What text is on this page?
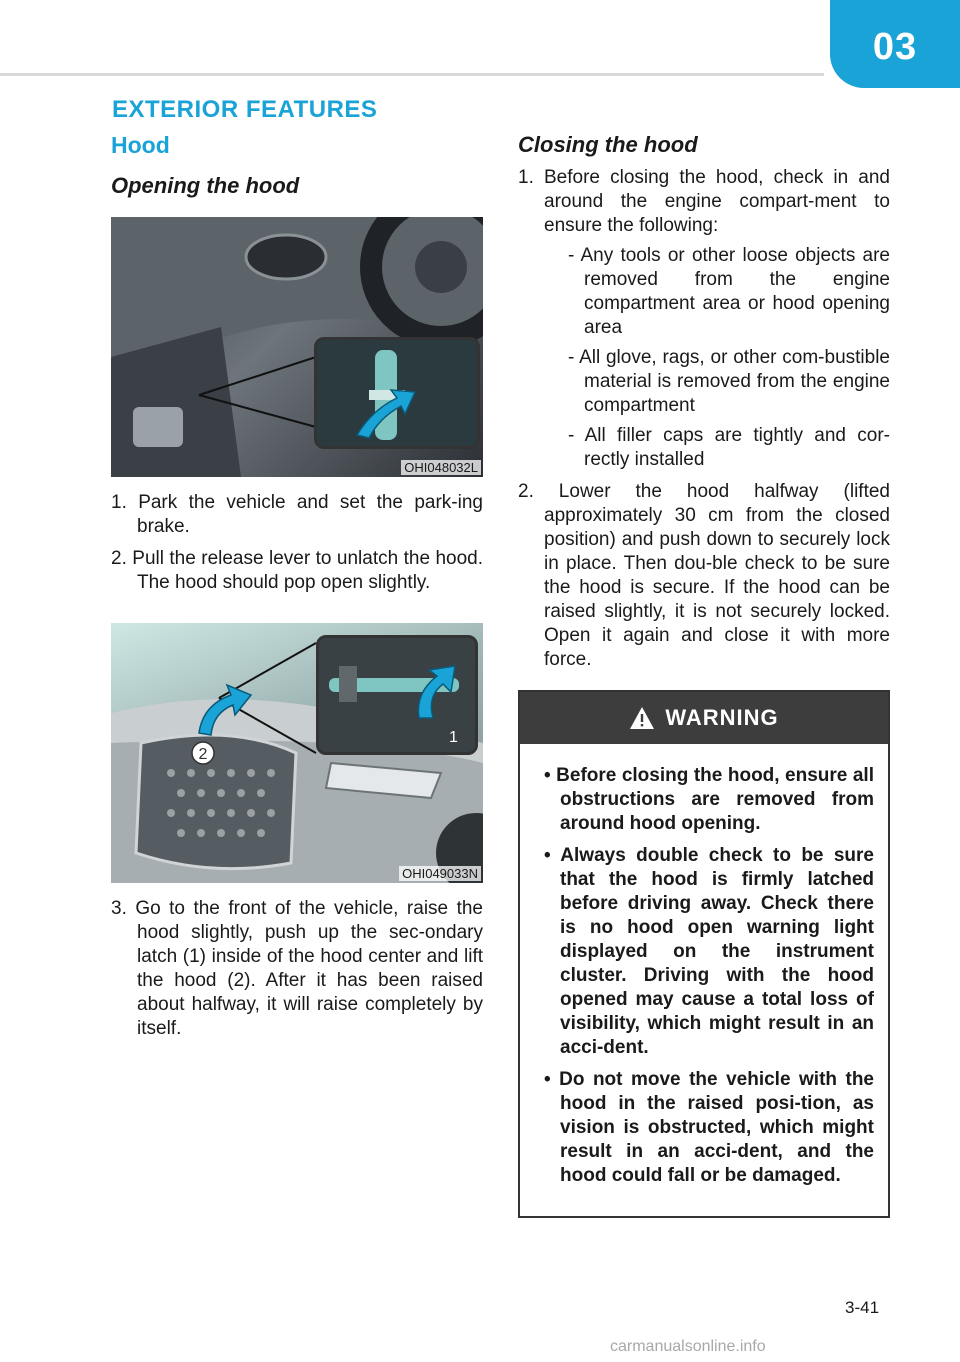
03
EXTERIOR FEATURES
Hood
Opening the hood
OHI048032L
1. Park the vehicle and set the park-ing brake.
2. Pull the release lever to unlatch the hood. The hood should pop open slightly.
2
1
OHI049033N
3. Go to the front of the vehicle, raise the hood slightly, push up the sec-ondary latch (1) inside of the hood center and lift the hood (2). After it has been raised about halfway, it will raise completely by itself.
Closing the hood
1. Before closing the hood, check in and around the engine compart-ment to ensure the following:
- Any tools or other loose objects are removed from the engine compartment area or hood opening area
- All glove, rags, or other com-bustible material is removed from the engine compartment
- All filler caps are tightly and cor-rectly installed
2. Lower the hood halfway (lifted approximately 30 cm from the closed position) and push down to securely lock in place. Then dou-ble check to be sure the hood is secure. If the hood can be raised slightly, it is not securely locked. Open it again and close it with more force.
WARNING
• Before closing the hood, ensure all obstructions are removed from around hood opening.
• Always double check to be sure that the hood is firmly latched before driving away. Check there is no hood open warning light displayed on the instrument cluster. Driving with the hood opened may cause a total loss of visibility, which might result in an acci-dent.
• Do not move the vehicle with the hood in the raised posi-tion, as vision is obstructed, which might result in an acci-dent, and the hood could fall or be damaged.
3-41
carmanualsonline.info
